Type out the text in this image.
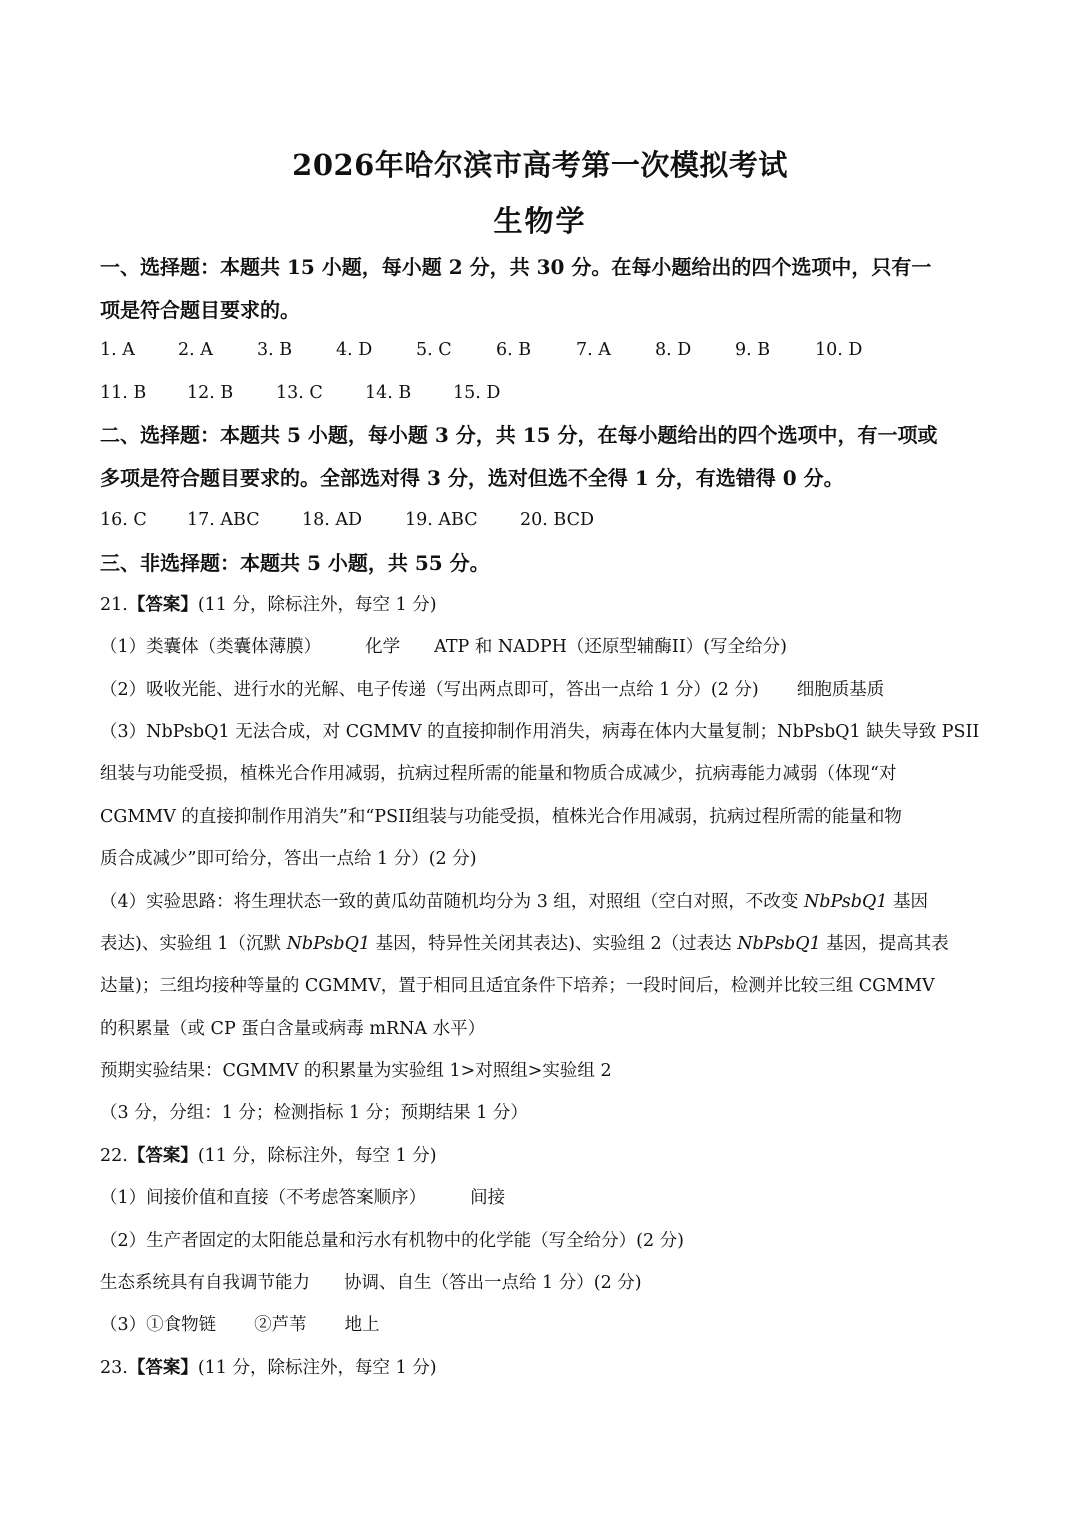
2026年哈尔滨市高考第一次模拟考试
生物学
一、选择题：本题共 15 小题，每小题 2 分，共 30 分。在每小题给出的四个选项中，只有一
项是符合题目要求的。
1. A 2. A	3. B	4. D 5. C	6. B	7. A	8. D 9. B	10. D
11. B 12. B 13. C 14. B 15. D
二、选择题：本题共 5 小题，每小题 3 分，共 15 分，在每小题给出的四个选项中，有一项或
多项是符合题目要求的。全部选对得 3 分，选对但选不全得 1 分，有选错得 0 分。
16. C 17. ABC 18. AD 19. ABC 20. BCD
三、非选择题：本题共 5 小题，共 55 分。
21.【答案】(11 分，除标注外，每空 1 分)
（1）类囊体（类囊体薄膜）	化学 ATP 和 NADPH（还原型辅酶II）(写全给分)
（2）吸收光能、进行水的光解、电子传递（写出两点即可，答出一点给 1 分）(2 分) 细胞质基质
（3）NbPsbQ1 无法合成，对 CGMMV 的直接抑制作用消失，病毒在体内大量复制；NbPsbQ1 缺失导致 PSII
组装与功能受损，植株光合作用减弱，抗病过程所需的能量和物质合成减少，抗病毒能力减弱（体现“对
CGMMV 的直接抑制作用消失”和“PSII组装与功能受损，植株光合作用减弱，抗病过程所需的能量和物
质合成减少”即可给分，答出一点给 1 分）(2 分)
（4）实验思路：将生理状态一致的黄瓜幼苗随机均分为 3 组，对照组（空白对照，不改变 NbPsbQ1 基因
表达)、实验组 1（沉默 NbPsbQ1 基因，特异性关闭其表达)、实验组 2（过表达 NbPsbQ1 基因，提高其表
达量)；三组均接种等量的 CGMMV，置于相同且适宜条件下培养；一段时间后，检测并比较三组 CGMMV
的积累量（或 CP 蛋白含量或病毒 mRNA 水平）
预期实验结果：CGMMV 的积累量为实验组 1>对照组>实验组 2
（3 分，分组：1 分；检测指标 1 分；预期结果 1 分）
22.【答案】(11 分，除标注外，每空 1 分)
（1）间接价值和直接（不考虑答案顺序）	间接
（2）生产者固定的太阳能总量和污水有机物中的化学能（写全给分）(2 分)
生态系统具有自我调节能力 协调、自生（答出一点给 1 分）(2 分)
（3）①食物链 ②芦苇 地上
23.【答案】(11 分，除标注外，每空 1 分)
